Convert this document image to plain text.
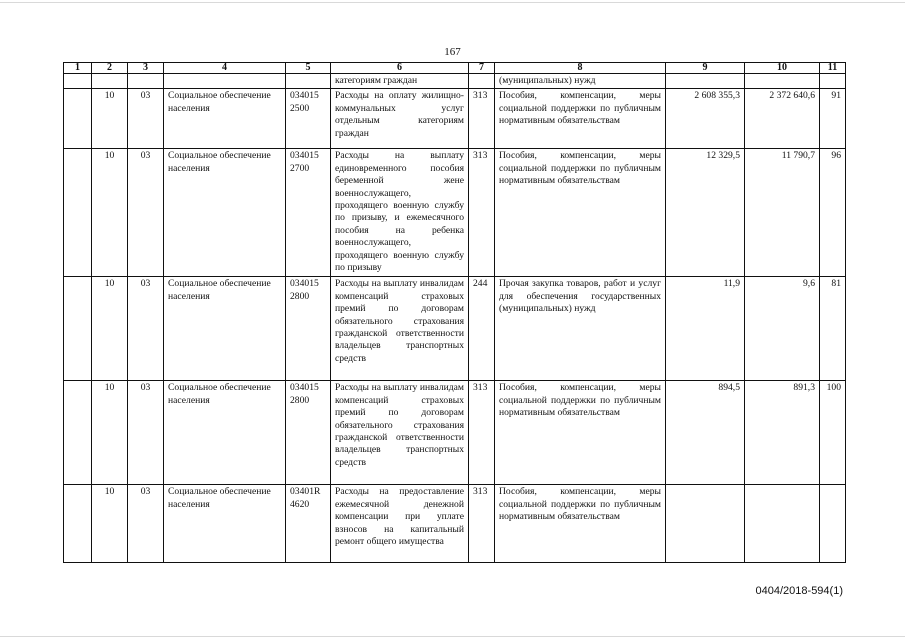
167
1	2	3	4	5	6	7	8	9	10	11
					категориям граждан		(муниципальных) нужд			
	10	03	Социальное обеспечение населения	034015 2500	Расходы на оплату жилищно-коммунальных услуг отдельным категориям граждан	313	Пособия, компенсации, меры социальной поддержки по публичным нормативным обязательствам	2 608 355,3	2 372 640,6	91
	10	03	Социальное обеспечение населения	034015 2700	Расходы на выплату единовременного пособия беременной жене военнослужащего, проходящего военную службу по призыву, и ежемесячного пособия на ребенка военнослужащего, проходящего военную службу по призыву	313	Пособия, компенсации, меры социальной поддержки по публичным нормативным обязательствам	12 329,5	11 790,7	96
	10	03	Социальное обеспечение населения	034015 2800	Расходы на выплату инвалидам компенсаций страховых премий по договорам обязательного страхования гражданской ответственности владельцев транспортных средств	244	Прочая закупка товаров, работ и услуг для обеспечения государственных (муниципальных) нужд	11,9	9,6	81
	10	03	Социальное обеспечение населения	034015 2800	Расходы на выплату инвалидам компенсаций страховых премий по договорам обязательного страхования гражданской ответственности владельцев транспортных средств	313	Пособия, компенсации, меры социальной поддержки по публичным нормативным обязательствам	894,5	891,3	100
	10	03	Социальное обеспечение населения	03401R 4620	Расходы на предоставление ежемесячной денежной компенсации при уплате взносов на капитальный ремонт общего имущества	313	Пособия, компенсации, меры социальной поддержки по публичным нормативным обязательствам			
0404/2018-594(1)
